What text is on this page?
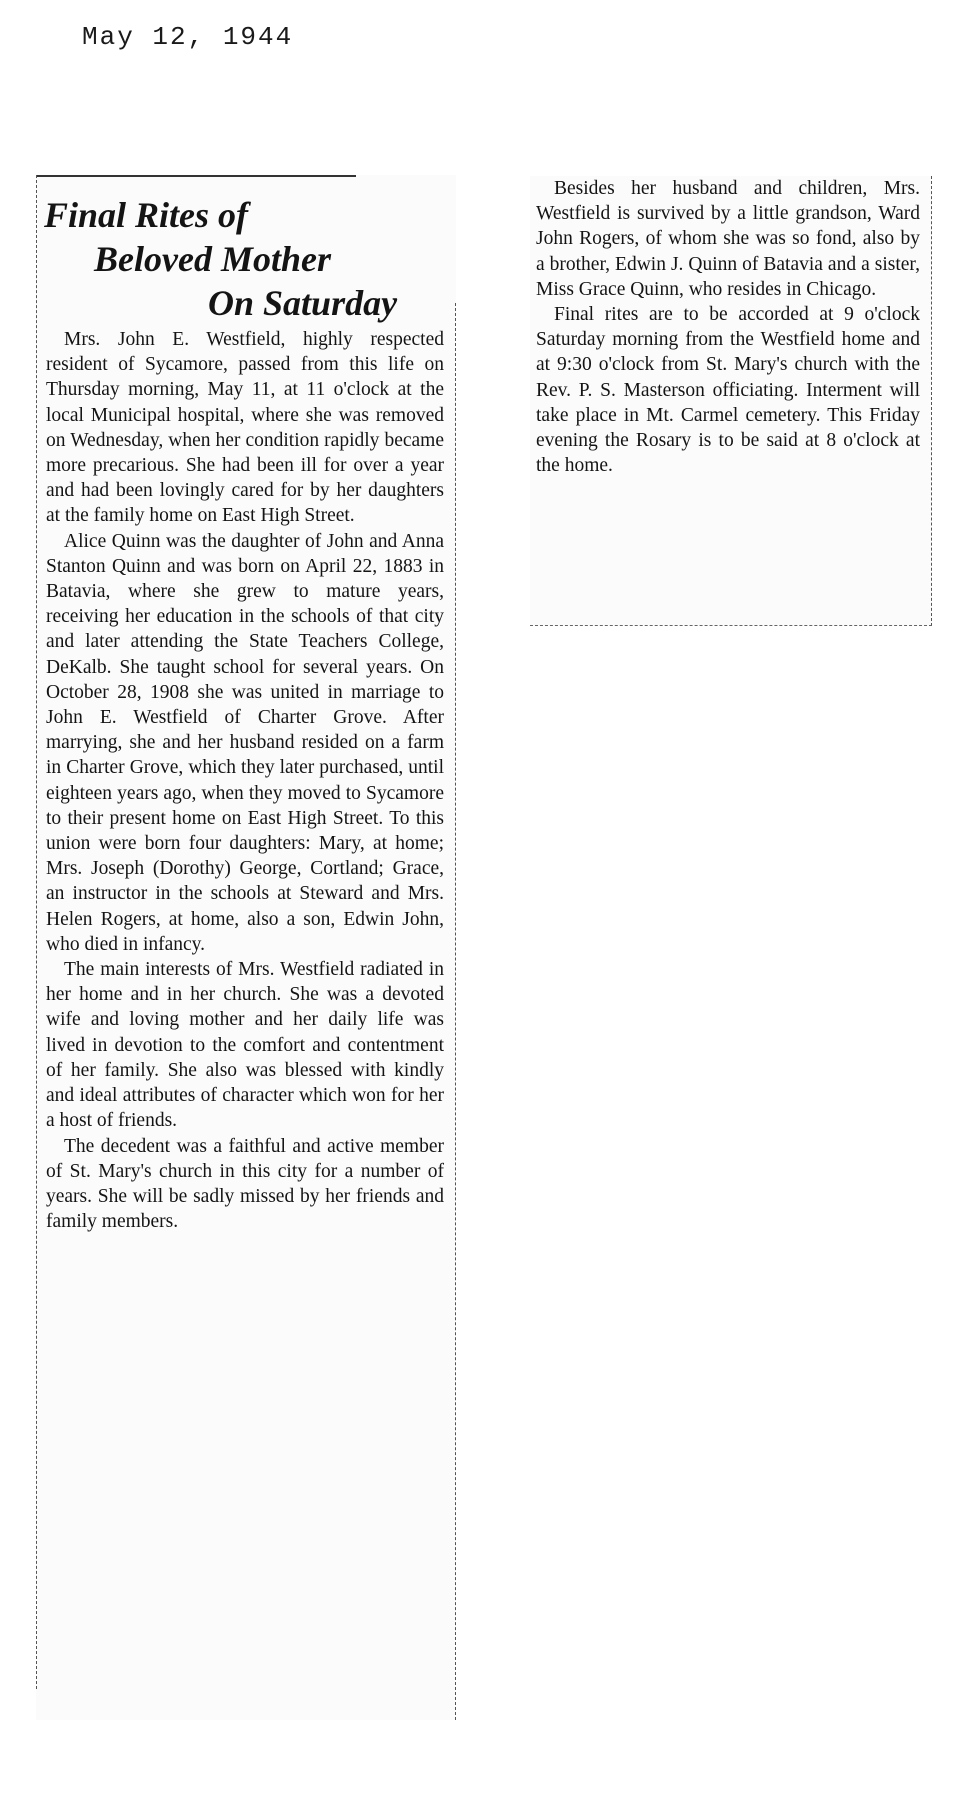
May 12, 1944
Final Rites of
Beloved Mother
On Saturday

Mrs. John E. Westfield, highly respected resident of Sycamore, passed from this life on Thursday morning, May 11, at 11 o'clock at the local Municipal hospital, where she was removed on Wednesday, when her condition rapidly became more precarious. She had been ill for over a year and had been lovingly cared for by her daughters at the family home on East High Street.

Alice Quinn was the daughter of John and Anna Stanton Quinn and was born on April 22, 1883 in Batavia, where she grew to mature years, receiving her education in the schools of that city and later attending the State Teachers College, DeKalb. She taught school for several years. On October 28, 1908 she was united in marriage to John E. Westfield of Charter Grove. After marrying, she and her husband resided on a farm in Charter Grove, which they later purchased, until eighteen years ago, when they moved to Sycamore to their present home on East High Street. To this union were born four daughters: Mary, at home; Mrs. Joseph (Dorothy) George, Cortland; Grace, an instructor in the schools at Steward and Mrs. Helen Rogers, at home, also a son, Edwin John, who died in infancy.

The main interests of Mrs. Westfield radiated in her home and in her church. She was a devoted wife and loving mother and her daily life was lived in devotion to the comfort and contentment of her family. She also was blessed with kindly and ideal attributes of character which won for her a host of friends.

The decedent was a faithful and active member of St. Mary's church in this city for a number of years. She will be sadly missed by her friends and family members.

Besides her husband and children, Mrs. Westfield is survived by a little grandson, Ward John Rogers, of whom she was so fond, also by a brother, Edwin J. Quinn of Batavia and a sister, Miss Grace Quinn, who resides in Chicago.

Final rites are to be accorded at 9 o'clock Saturday morning from the Westfield home and at 9:30 o'clock from St. Mary's church with the Rev. P. S. Masterson officiating. Interment will take place in Mt. Carmel cemetery. This Friday evening the Rosary is to be said at 8 o'clock at the home.
